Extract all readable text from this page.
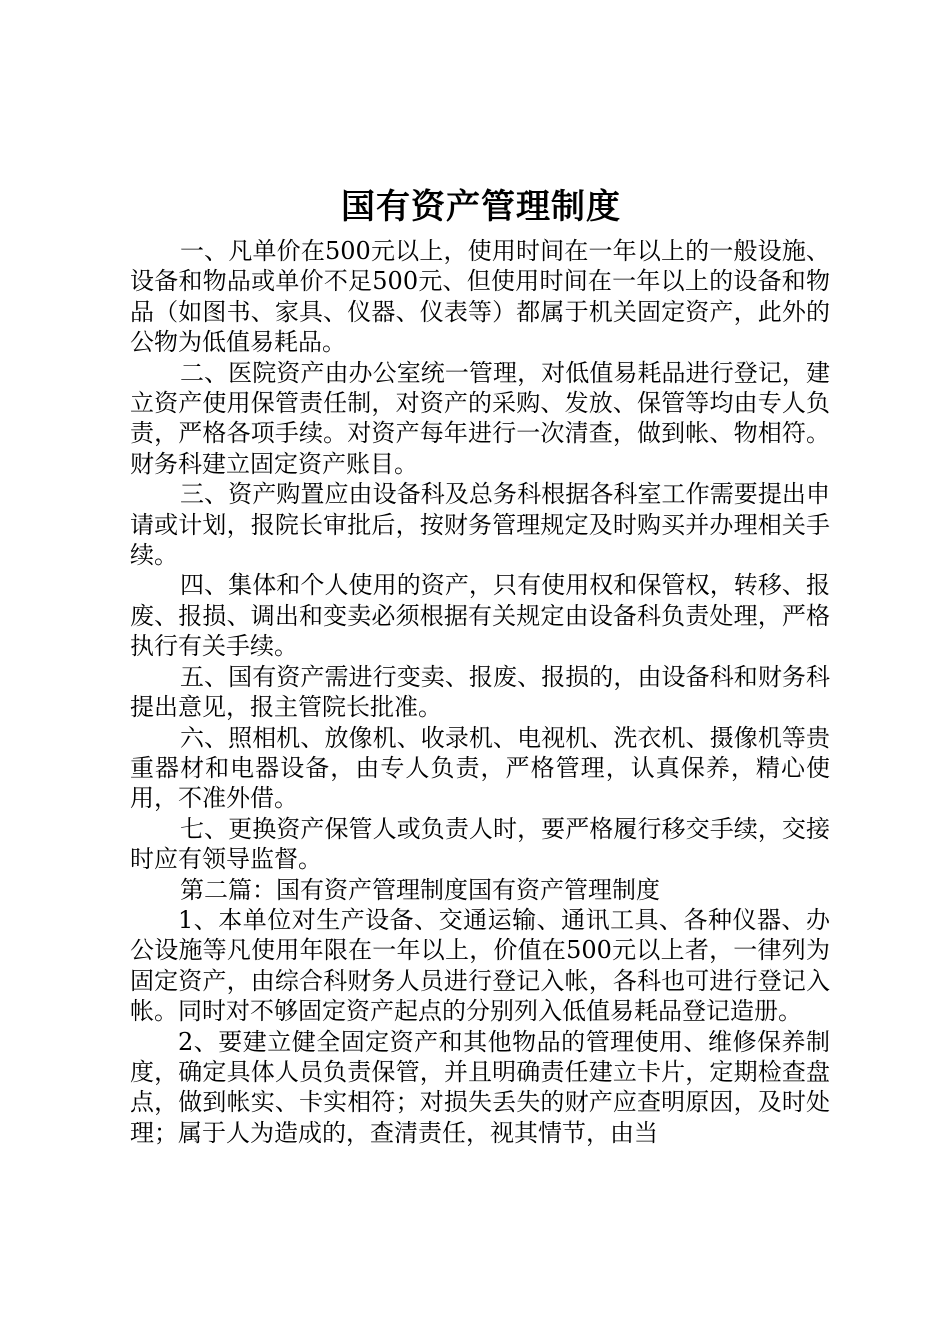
国有资产管理制度

一、凡单价在500元以上，使用时间在一年以上的一般设施、设备和物品或单价不足500元、但使用时间在一年以上的设备和物品（如图书、家具、仪器、仪表等）都属于机关固定资产，此外的公物为低值易耗品。

二、医院资产由办公室统一管理，对低值易耗品进行登记，建立资产使用保管责任制，对资产的采购、发放、保管等均由专人负责，严格各项手续。对资产每年进行一次清查，做到帐、物相符。财务科建立固定资产账目。

三、资产购置应由设备科及总务科根据各科室工作需要提出申请或计划，报院长审批后，按财务管理规定及时购买并办理相关手续。

四、集体和个人使用的资产，只有使用权和保管权，转移、报废、报损、调出和变卖必须根据有关规定由设备科负责处理，严格执行有关手续。

五、国有资产需进行变卖、报废、报损的，由设备科和财务科提出意见，报主管院长批准。

六、照相机、放像机、收录机、电视机、洗衣机、摄像机等贵重器材和电器设备，由专人负责，严格管理，认真保养，精心使用，不准外借。

七、更换资产保管人或负责人时，要严格履行移交手续，交接时应有领导监督。

第二篇：国有资产管理制度国有资产管理制度

1、本单位对生产设备、交通运输、通讯工具、各种仪器、办公设施等凡使用年限在一年以上，价值在500元以上者，一律列为固定资产，由综合科财务人员进行登记入帐，各科也可进行登记入帐。同时对不够固定资产起点的分别列入低值易耗品登记造册。

2、要建立健全固定资产和其他物品的管理使用、维修保养制度，确定具体人员负责保管，并且明确责任建立卡片，定期检查盘点，做到帐实、卡实相符；对损失丢失的财产应查明原因，及时处理；属于人为造成的，查清责任，视其情节，由当
